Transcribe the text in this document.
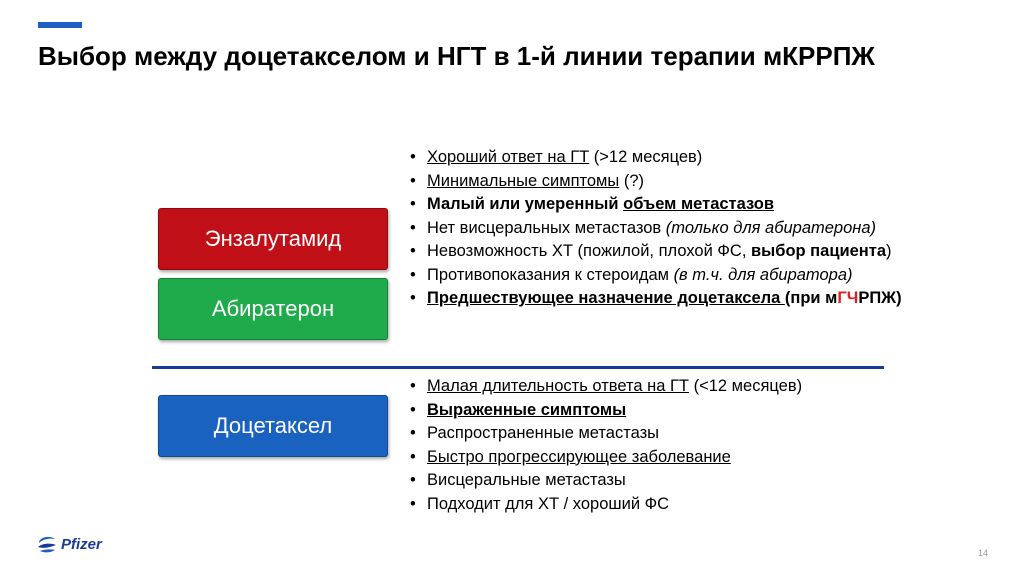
Выбор между доцетакселом и НГТ в 1-й линии терапии мКРРПЖ
Энзалутамид
Абиратерон
Доцетаксел
• Хороший ответ на ГТ (>12 месяцев)
• Минимальные симптомы (?)
• Малый или умеренный объем метастазов
• Нет висцеральных метастазов (только для абиратерона)
• Невозможность ХТ (пожилой, плохой ФС, выбор пациента)
• Противопоказания к стероидам (в т.ч. для абиратора)
• Предшествующее назначение доцетаксела (при мГЧРПЖ)
• Малая длительность ответа на ГТ (<12 месяцев)
• Выраженные симптомы
• Распространенные метастазы
• Быстро прогрессирующее заболевание
• Висцеральные метастазы
• Подходит для ХТ / хороший ФС
Pfizer
14
